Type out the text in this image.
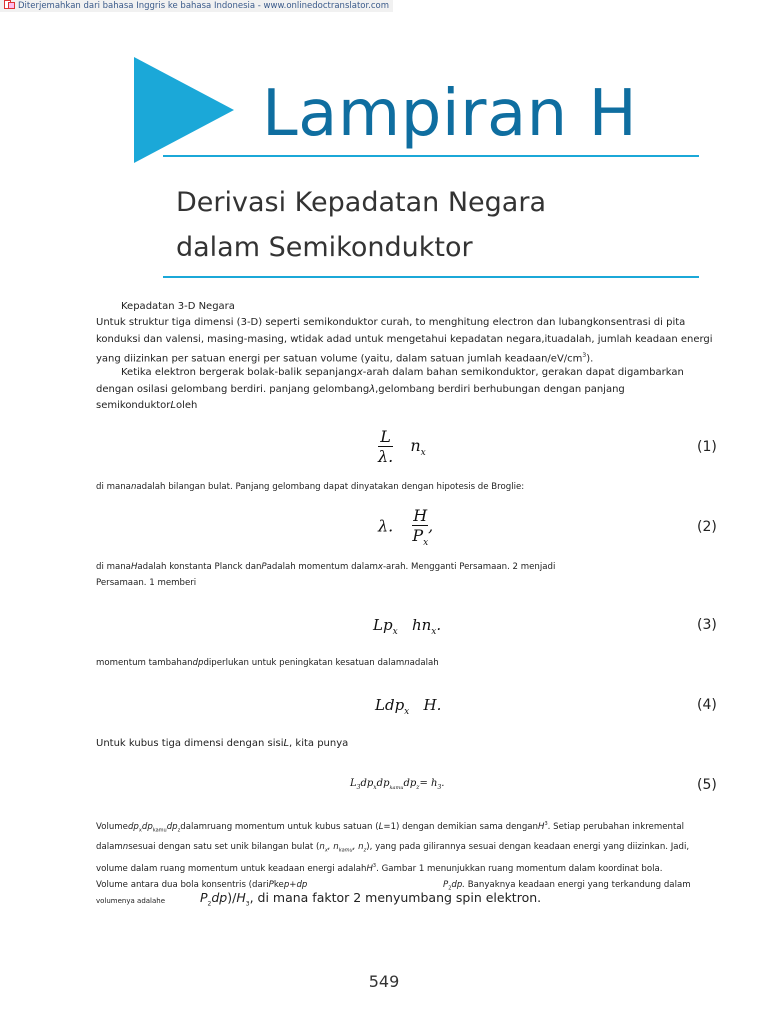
Diterjemahkan dari bahasa Inggris ke bahasa Indonesia - www.onlinedoctranslator.com
Lampiran H
Derivasi Kepadatan Negara
dalam Semikonduktor
Kepadatan 3-D Negara
Untuk struktur tiga dimensi (3-D) seperti semikonduktor curah, to menghitung electron dan lubangkonsentrasi di pita konduksi dan valensi, masing-masing, wtidak adad untuk mengetahui kepadatan negara,ituadalah, jumlah keadaan energi yang diizinkan per satuan energi per satuan volume (yaitu, dalam satuan jumlah keadaan/$eV/cm^3$).
Ketika elektron bergerak bolak-balik sepanjangx-arah dalam bahan semikonduktor, gerakan dapat digambarkan dengan osilasi gelombang berdiri. panjang gelombangλ,gelombang berdiri berhubungan dengan panjang semikonduktorLoleh
$\frac{L}{\lambda.} n_x$	(1)
di mananadalah bilangan bulat. Panjang gelombang dapat dinyatakan dengan hipotesis de Broglie:
λ. $\frac{H}{P_x}$ ,	(2)
di manaHadalah konstanta Planck danPadalah momentum dalamx-arah. Mengganti Persamaan. 2 menjadi
Persamaan. 1 memberi
$Lp_x$   $hn_x$.	(3)
momentum tambahandpdiperlukan untuk peningkatan kesatuan dalamnadalah
Ldp$_x$   H.	(4)
Untuk kubus tiga dimensi dengan sisiL, kita punya
$L_3dp_xdp_{kamu}dp_z= h_3$.	(5)
$Volumedp_xdp_{kamu}dp_zdalamruang$ momentum untuk kubus satuan (L=1) dengan demikian sama denganH$^3$. Setiap perubahan inkremental
dalamnsesuai dengan satu set unik bilangan bulat ($n_x$, $n_{kamu}$, $n_z$), yang pada gilirannya sesuai dengan keadaan energi yang diizinkan. Jadi,
volume dalam ruang momentum untuk keadaan energi adalahH$^3$. Gambar 1 menunjukkan ruang momentum dalam koordinat bola.
Volume antara dua bola konsentris (dariPkep+dp	$P_2dp$. Banyaknya keadaan energi yang terkandung dalam
volumenya adalahe	$P_2dp)/H_3$, di mana faktor 2 menyumbang spin elektron.
549
